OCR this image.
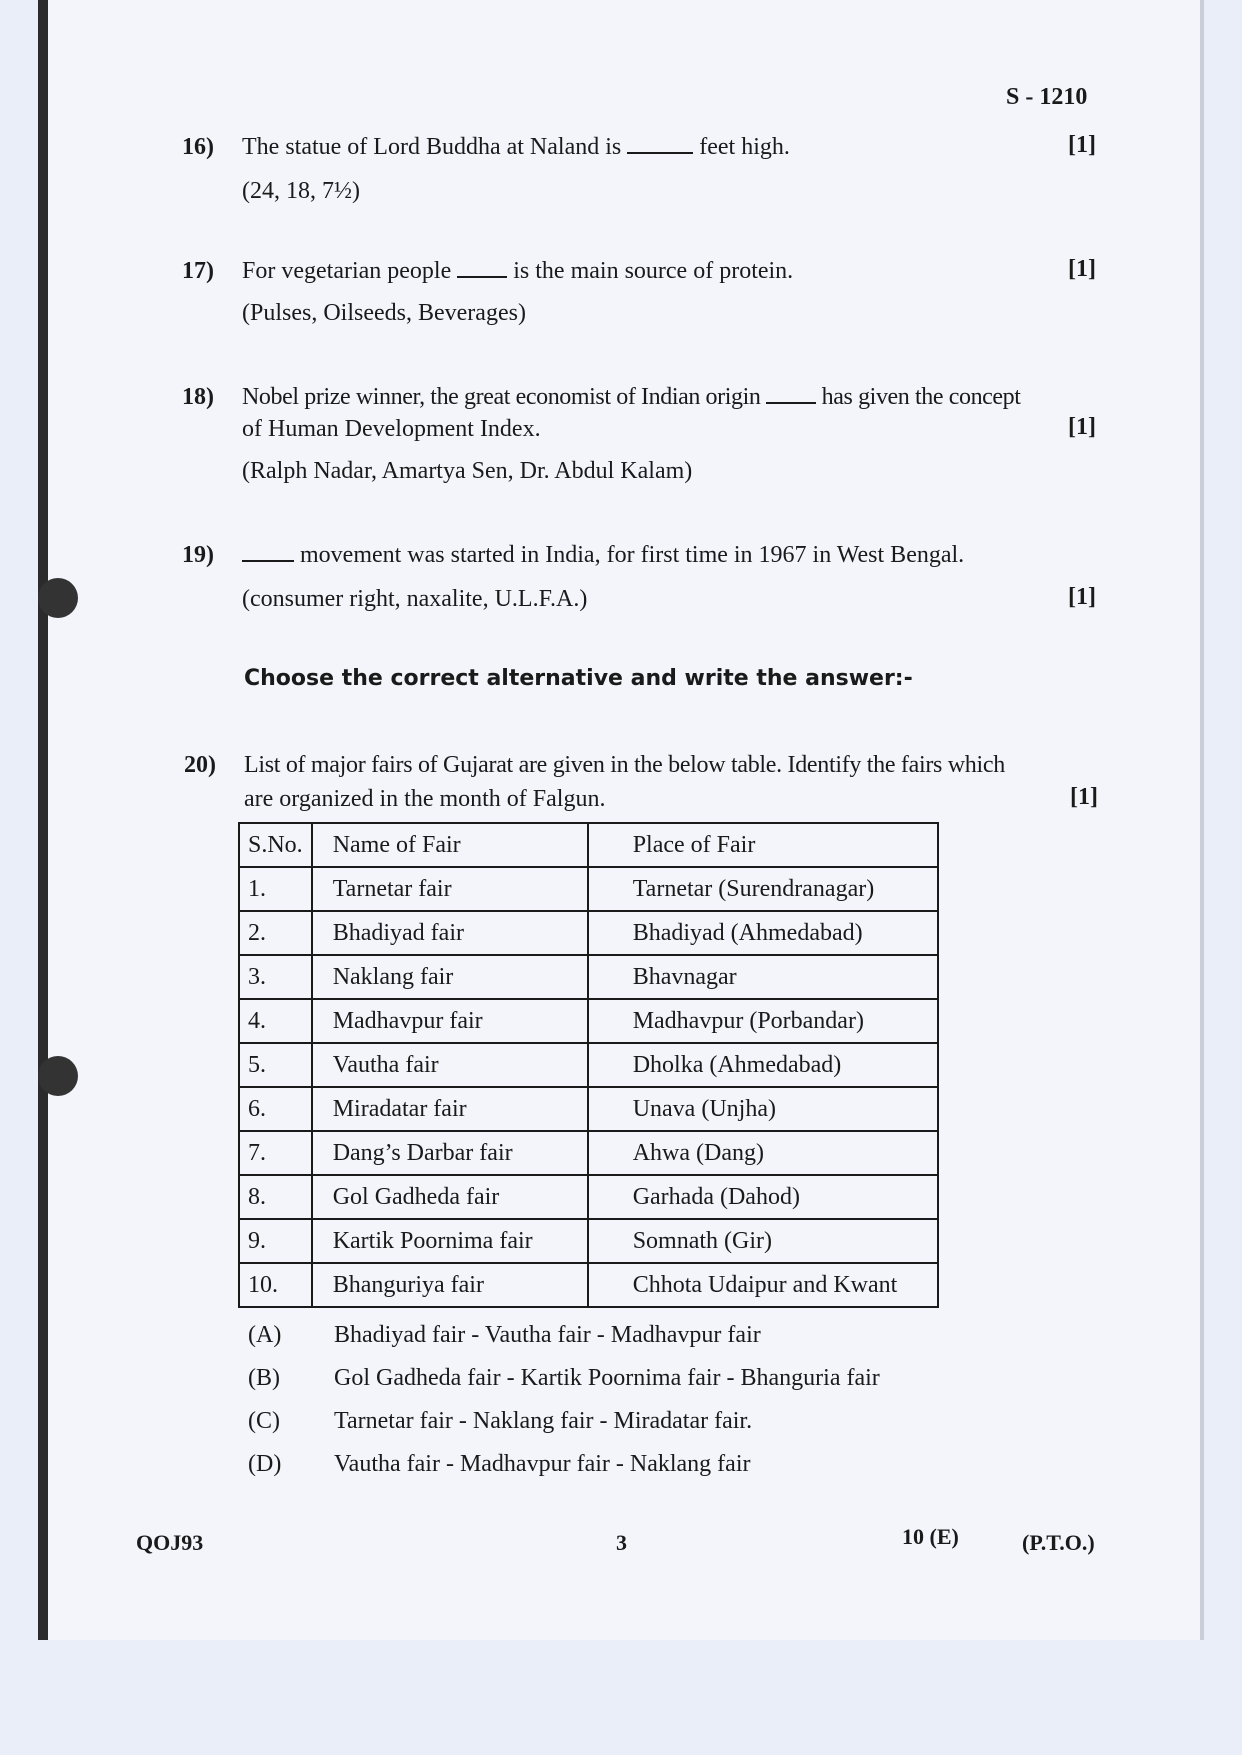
S - 1210
16) The statue of Lord Buddha at Naland is	feet high.	[1]
(24, 18, 7½)
17) For vegetarian people  is the main source of protein.	[1]
(Pulses, Oilseeds, Beverages)
18) Nobel prize winner, the great economist of Indian origin  has given the concept
of Human Development Index.	[1]
(Ralph Nadar, Amartya Sen, Dr. Abdul Kalam)
19)	movement was started in India, for first time in 1967 in West Bengal.
(consumer right, naxalite, U.L.F.A.)	[1]
Choose the correct alternative and write the answer:-
20) List of major fairs of Gujarat are given in the below table. Identify the fairs which
are organized in the month of Falgun.	[1]
S.No.	Name of Fair	Place of Fair
1.	Tarnetar fair	Tarnetar (Surendranagar)
2.	Bhadiyad fair	Bhadiyad (Ahmedabad)
3.	Naklang fair	Bhavnagar
4.	Madhavpur fair	Madhavpur (Porbandar)
5.	Vautha fair	Dholka (Ahmedabad)
6.	Miradatar fair	Unava (Unjha)
7.	Dang’s Darbar fair	Ahwa (Dang)
8.	Gol Gadheda fair	Garhada (Dahod)
9.	Kartik Poornima fair	Somnath (Gir)
10.	Bhanguriya fair	Chhota Udaipur and Kwant
(A) Bhadiyad fair - Vautha fair - Madhavpur fair
(B) Gol Gadheda fair - Kartik Poornima fair - Bhanguria fair
(C) Tarnetar fair - Naklang fair - Miradatar fair.
(D) Vautha fair - Madhavpur fair - Naklang fair
QOJ93	3	10 (E)	(P.T.O.)
